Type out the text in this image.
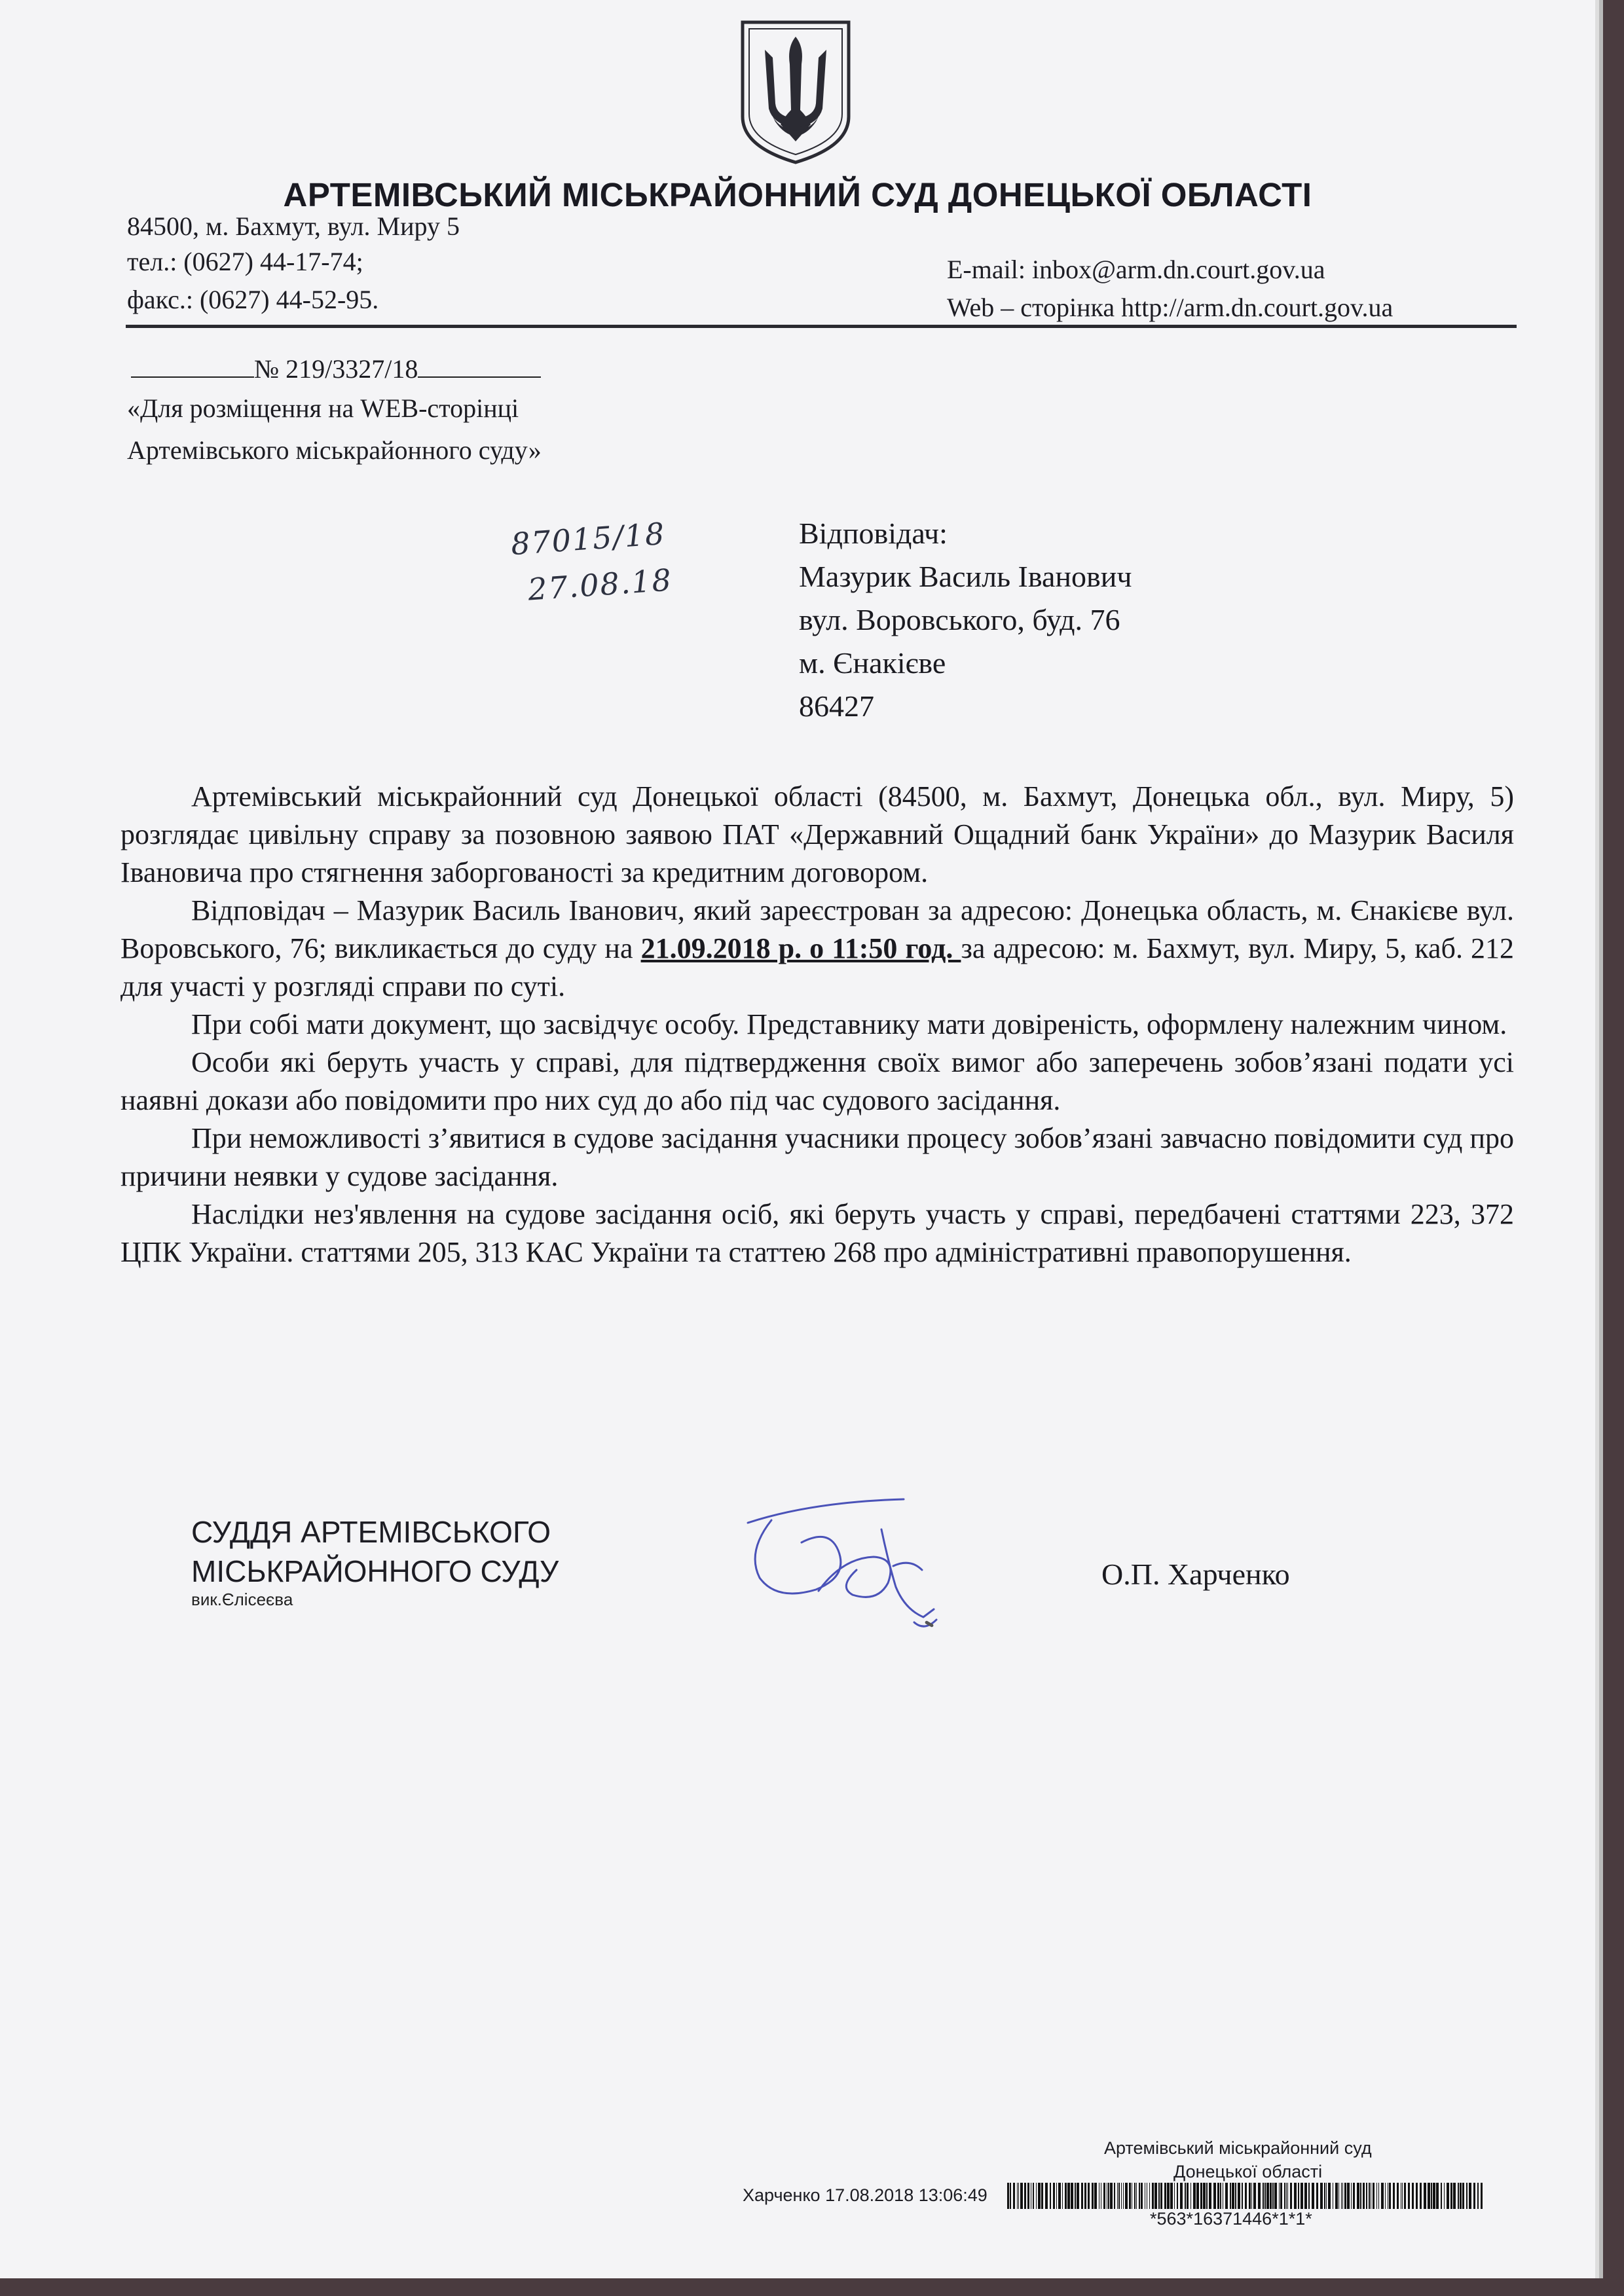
АРТЕМІВСЬКИЙ МІСЬКРАЙОННИЙ СУД ДОНЕЦЬКОЇ ОБЛАСТІ
84500, м. Бахмут, вул. Миру 5
тел.: (0627) 44-17-74;
факс.: (0627) 44-52-95.
E-mail: inbox@arm.dn.court.gov.ua
Web – сторінка http://arm.dn.court.gov.ua
№ 219/3327/18
«Для розміщення на WEB-сторінці
Артемівського міськрайонного суду»
87015/18
27.08.18
Відповідач:
Мазурик Василь Іванович
вул. Воровського, буд. 76
м. Єнакієве
86427

Артемівський міськрайонний суд Донецької області (84500, м. Бахмут, Донецька обл., вул. Миру, 5) розглядає цивільну справу за позовною заявою ПАТ «Державний Ощадний банк України» до Мазурик Василя Івановича про стягнення заборгованості за кредитним договором.

Відповідач – Мазурик Василь Іванович, який зареєстрован за адресою: Донецька область, м. Єнакієве вул. Воровського, 76; викликається до суду на 21.09.2018 р. о 11:50 год. за адресою: м. Бахмут, вул. Миру, 5, каб. 212 для участі у розгляді справи по суті.

При собі мати документ, що засвідчує особу. Представнику мати довіреність, оформлену належним чином.

Особи які беруть участь у справі, для підтвердження своїх вимог або заперечень зобов’язані подати усі наявні докази або повідомити про них суд до або під час судового засідання.

При неможливості з’явитися в судове засідання учасники процесу зобов’язані завчасно повідомити суд про причини неявки у судове засідання.

Наслідки нез'явлення на судове засідання осіб, які беруть участь у справі, передбачені статтями 223, 372 ЦПК України. статтями 205, 313 КАС України та статтею 268 про адміністративні правопорушення.

СУДДЯ АРТЕМІВСЬКОГО
МІСЬКРАЙОННОГО СУДУ
вик.Єлісеєва
О.П. Харченко
Артемівський міськрайонний суд
Донецької області
Харченко 17.08.2018 13:06:49
*563*16371446*1*1*
